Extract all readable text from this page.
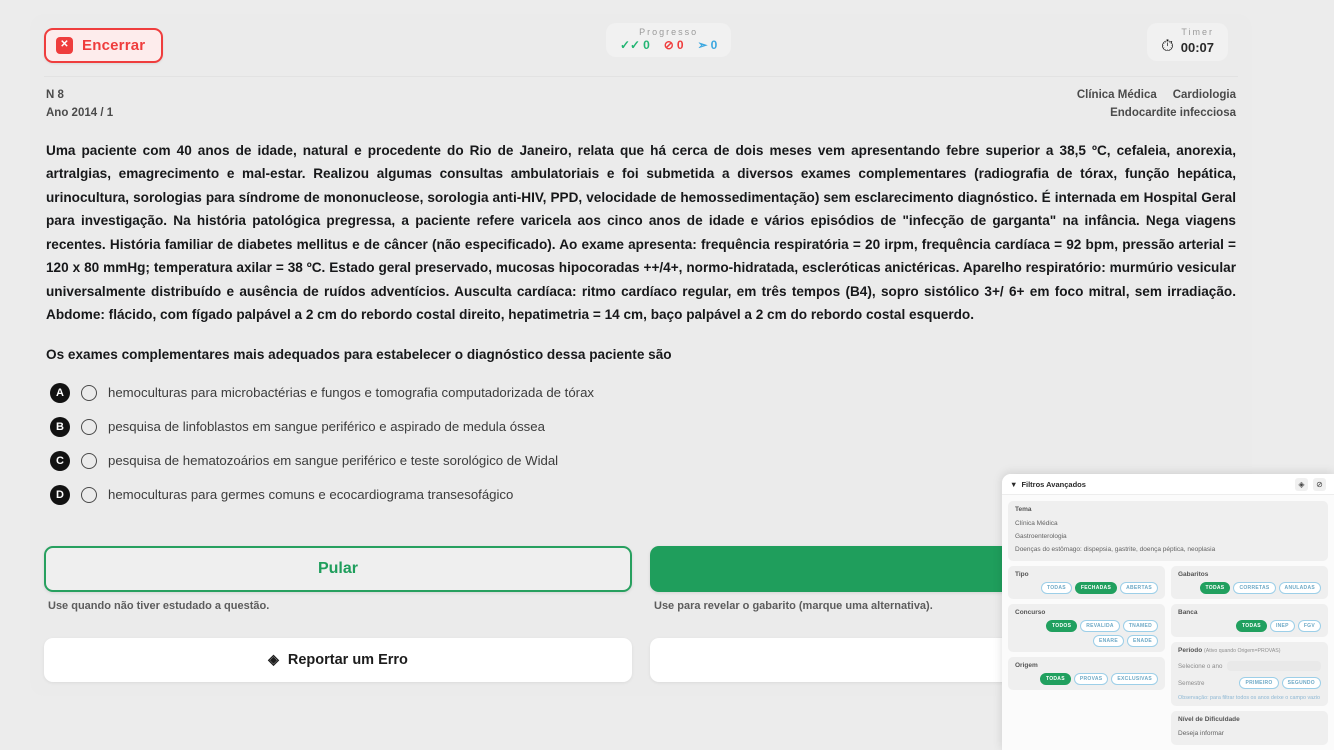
✕ Encerrar
Progresso
✓✓ 0 ⊘ 0 ➣ 0
Timer
⏱ 00:07
N 8
Ano 2014 / 1
Clínica Médica Cardiologia
Endocardite infecciosa
Uma paciente com 40 anos de idade, natural e procedente do Rio de Janeiro, relata que há cerca de dois meses vem apresentando febre superior a 38,5 ºC, cefaleia, anorexia, artralgias, emagrecimento e mal-estar. Realizou algumas consultas ambulatoriais e foi submetida a diversos exames complementares (radiografia de tórax, função hepática, urinocultura, sorologias para síndrome de mononucleose, sorologia anti-HIV, PPD, velocidade de hemossedimentação) sem esclarecimento diagnóstico. É internada em Hospital Geral para investigação. Na história patológica pregressa, a paciente refere varicela aos cinco anos de idade e vários episódios de "infecção de garganta" na infância. Nega viagens recentes. História familiar de diabetes mellitus e de câncer (não especificado). Ao exame apresenta: frequência respiratória = 20 irpm, frequência cardíaca = 92 bpm, pressão arterial = 120 x 80 mmHg; temperatura axilar = 38 ºC. Estado geral preservado, mucosas hipocoradas ++/4+, normo-hidratada, escleróticas anictéricas. Aparelho respiratório: murmúrio vesicular universalmente distribuído e ausência de ruídos adventícios. Ausculta cardíaca: ritmo cardíaco regular, em três tempos (B4), sopro sistólico 3+/ 6+ em foco mitral, sem irradiação. Abdome: flácido, com fígado palpável a 2 cm do rebordo costal direito, hepatimetria = 14 cm, baço palpável a 2 cm do rebordo costal esquerdo.
Os exames complementares mais adequados para estabelecer o diagnóstico dessa paciente são
A	hemoculturas para microbactérias e fungos e tomografia computadorizada de tórax
B	pesquisa de linfoblastos em sangue periférico e aspirado de medula óssea
C	pesquisa de hematozoários em sangue periférico e teste sorológico de Widal
D	hemoculturas para germes comuns e ecocardiograma transesofágico
Pular
Use quando não tiver estudado a questão.	Use para revelar o gabarito (marque uma alternativa).
◈ Reportar um Erro
▼ Filtros Avançados	◈	⊘
Tema
Clínica Médica
Gastroenterologia
Doenças do estômago: dispepsia, gastrite, doença péptica, neoplasia
Tipo
TODAS	FECHADAS	ABERTAS
Concurso
TODOS	REVALIDA	TNAMED
ENARE	ENADE
Origem
TODAS	PROVAS	EXCLUSIVAS
Gabaritos
TODAS	CORRETAS	ANULADAS
Banca
TODAS	INEP	FGV
Período (Ativo quando Origem=PROVAS)
Selecione o ano
Semestre	PRIMEIRO	SEGUNDO
Observação: para filtrar todos os anos deixe o campo vazio
Nível de Dificuldade
Deseja informar
